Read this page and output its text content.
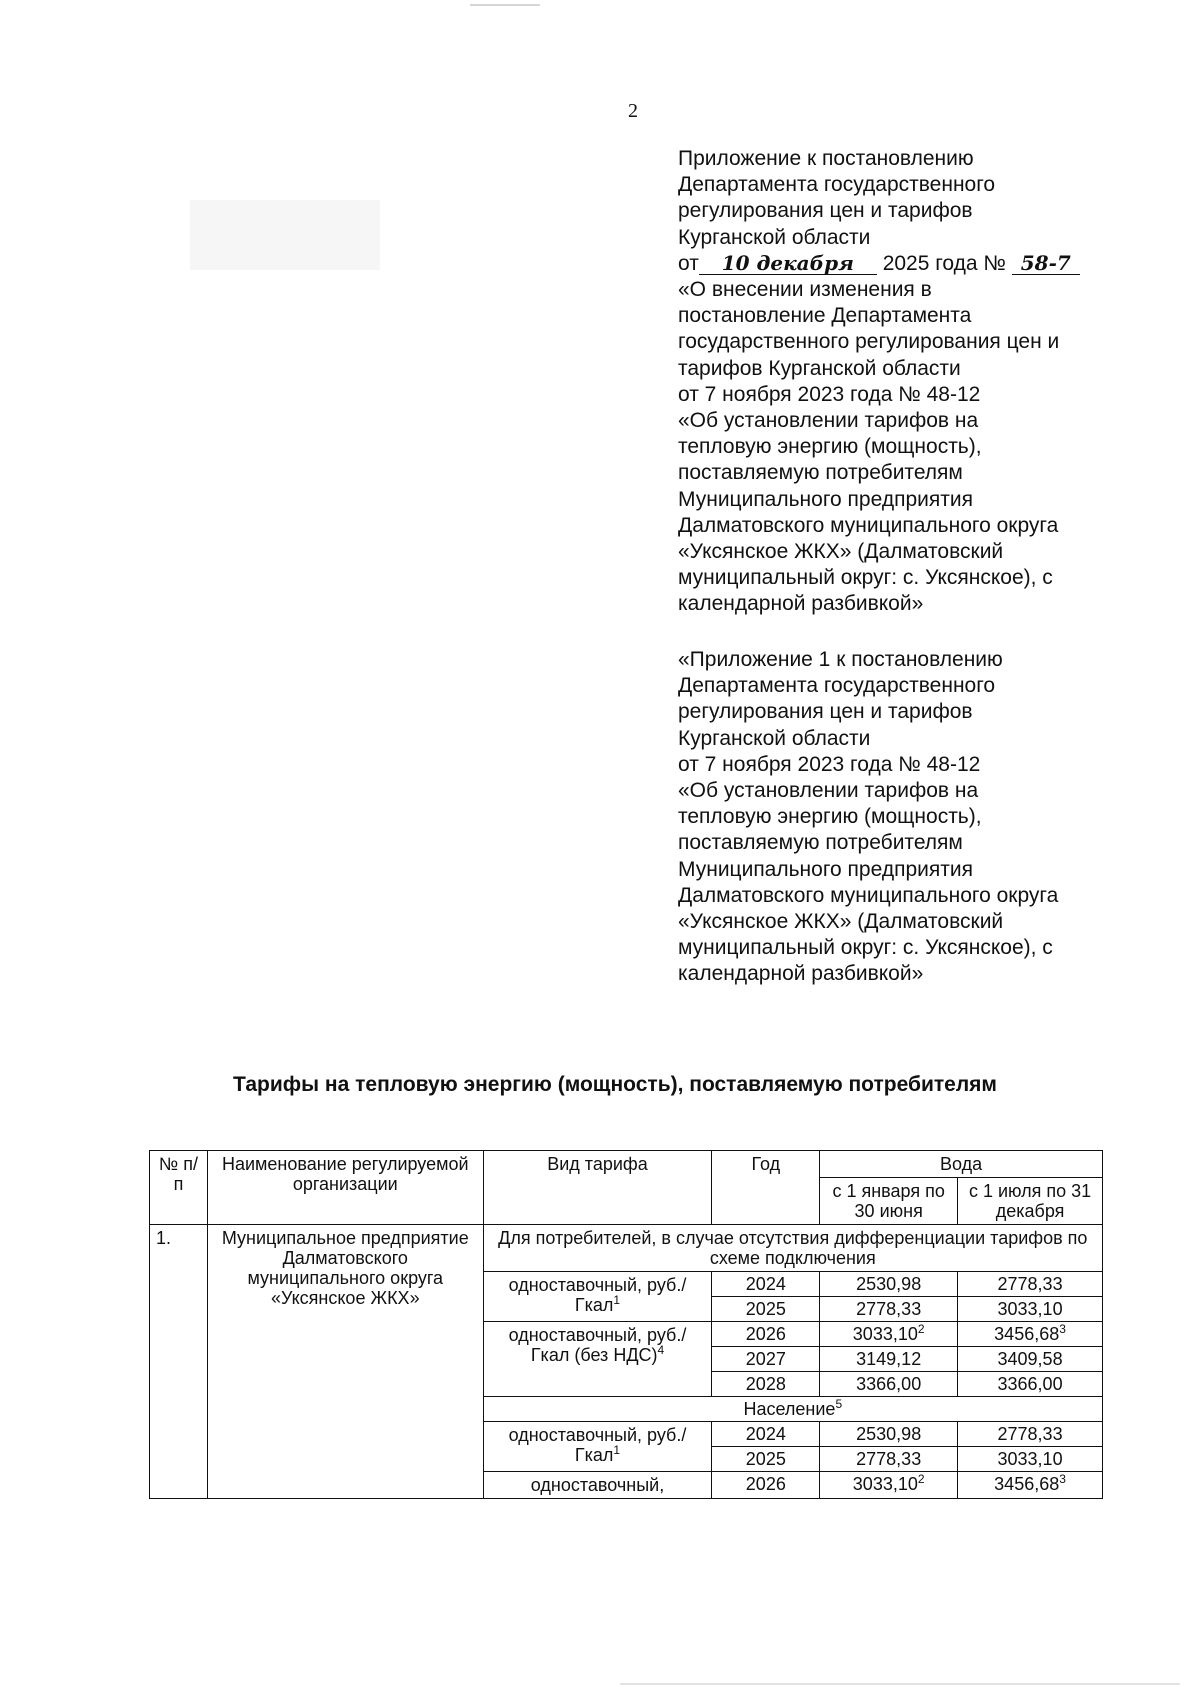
2
Приложение к постановлению
Департамента государственного
регулирования цен и тарифов
Курганской области
от 10 декабря 2025 года № 58-7
«О внесении изменения в
постановление Департамента
государственного регулирования цен и
тарифов Курганской области
от 7 ноября 2023 года № 48-12
«Об установлении тарифов на
тепловую энергию (мощность),
поставляемую потребителям
Муниципального предприятия
Далматовского муниципального округа
«Уксянское ЖКХ» (Далматовский
муниципальный округ: с. Уксянское), с
календарной разбивкой»
«Приложение 1 к постановлению
Департамента государственного
регулирования цен и тарифов
Курганской области
от 7 ноября 2023 года № 48-12
«Об установлении тарифов на
тепловую энергию (мощность),
поставляемую потребителям
Муниципального предприятия
Далматовского муниципального округа
«Уксянское ЖКХ» (Далматовский
муниципальный округ: с. Уксянское), с
календарной разбивкой»
Тарифы на тепловую энергию (мощность), поставляемую потребителям
№ п/п	Наименование регулируемой организации	Вид тарифа	Год	Вода	
				с 1 января по 30 июня	с 1 июля по 31 декабря
1.	Муниципальное предприятие Далматовского муниципального округа «Уксянское ЖКХ»	Для потребителей, в случае отсутствия дифференциации тарифов по схеме подключения			
		одноставочный, руб./Гкал$^1$	2024	2530,98	2778,33
			2025	2778,33	3033,10
		одноставочный, руб./Гкал (без НДС)$^4$	2026	3033,10$^2$	3456,68$^3$
			2027	3149,12	3409,58
			2028	3366,00	3366,00
		Население$^5$
		одноставочный, руб./Гкал$^1$	2024	2530,98	2778,33
			2025	2778,33	3033,10
		одноставочный,	2026	3033,10$^2$	3456,68$^3$
